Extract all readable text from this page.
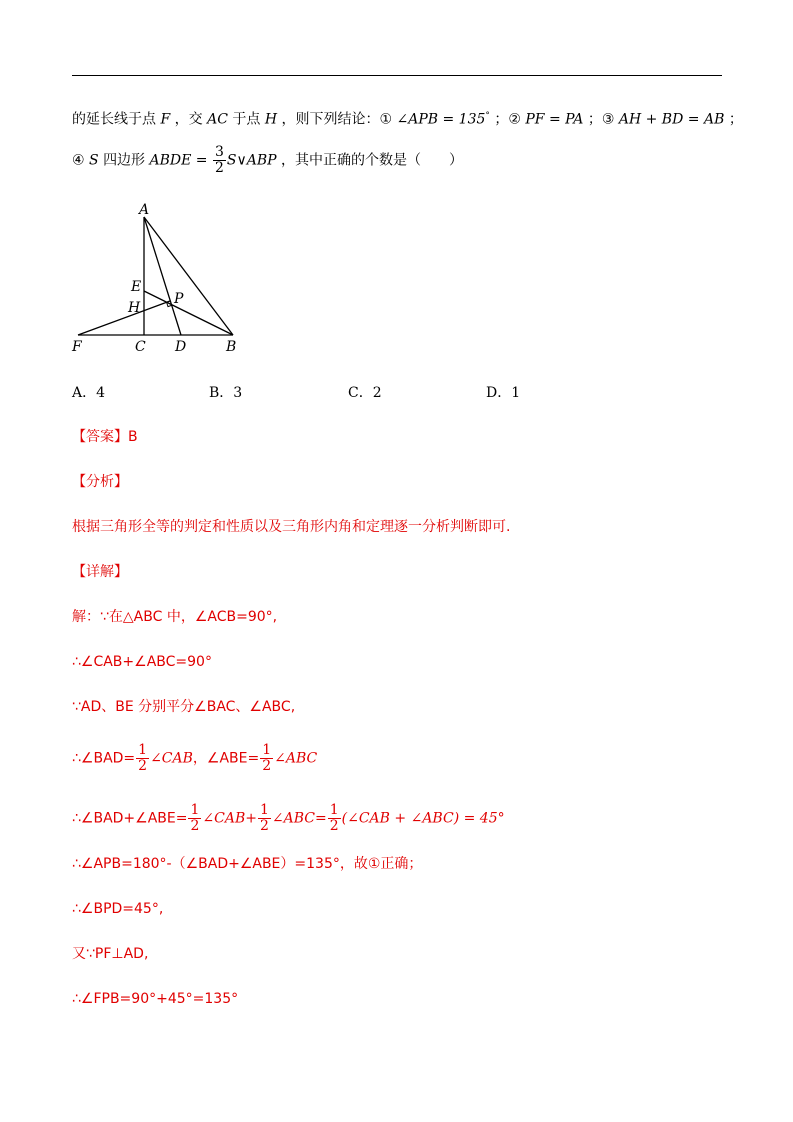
的延长线于点 F ，交 AC 于点 H ，则下列结论：① ∠APB = 135° ；② PF = PA ；③ AH + BD = AB ；
④ S 四边形 ABDE = $\frac{3}{2}$ S∨ABP ，其中正确的个数是（　　）
A
E
H
P
F	C D	B
A．4	B．3	C．2	D．1
【答案】B
【分析】
根据三角形全等的判定和性质以及三角形内角和定理逐一分析判断即可.
【详解】
解：∵在△ABC 中，∠ACB=90°,
∴∠CAB+∠ABC=90°
∵AD、BE 分别平分∠BAC、∠ABC,
∴∠BAD= $\frac{1}{2}$ ∠CAB，∠ABE= $\frac{1}{2}$ ∠ABC
∴∠BAD+∠ABE= $\frac{1}{2}$ ∠CAB+ $\frac{1}{2}$ ∠ABC= $\frac{1}{2}$ (∠CAB + ∠ABC) = 45°
∴∠APB=180°-（∠BAD+∠ABE）=135°，故①正确；
∴∠BPD=45°,
又∵PF⊥AD,
∴∠FPB=90°+45°=135°
